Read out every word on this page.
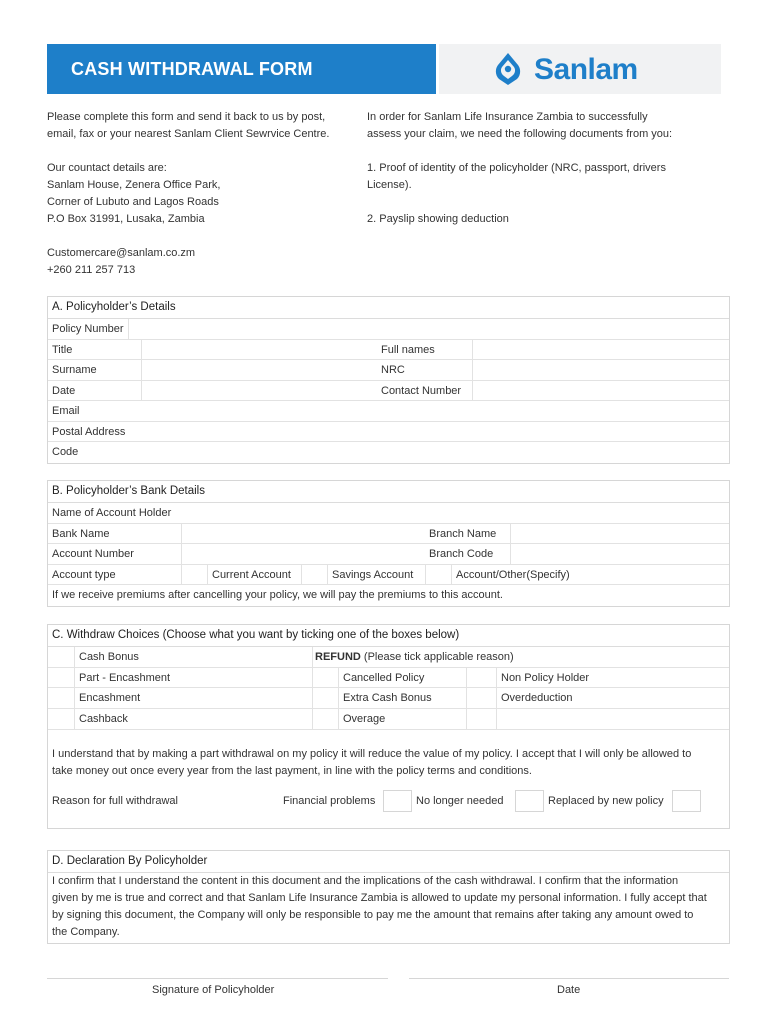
CASH WITHDRAWAL FORM	Sanlam
Please complete this form and send it back to us by post,
email, fax or your nearest Sanlam Client Sewrvice Centre.
Our countact details are:
Sanlam House, Zenera Office Park,
Corner of Lubuto and Lagos Roads
P.O Box 31991, Lusaka, Zambia
Customercare@sanlam.co.zm
+260 211 257 713
In order for Sanlam Life Insurance Zambia to successfully
assess your claim, we need the following documents from you:
1. Proof of identity of the policyholder (NRC, passport, drivers
License).
2. Payslip showing deduction
A. Policyholder’s Details
Policy Number
Title	Full names
Surname	NRC
Date	Contact Number
Email
Postal Address
Code
B. Policyholder’s Bank Details
Name of Account Holder
Bank Name	Branch Name
Account Number	Branch Code
Account type	Current Account	Savings Account	Account/Other(Specify)
If we receive premiums after cancelling your policy, we will pay the premiums to this account.
C. Withdraw Choices (Choose what you want by ticking one of the boxes below)
Cash Bonus	REFUND (Please tick applicable reason)
Part - Encashment	Cancelled Policy	Non Policy Holder
Encashment	Extra Cash Bonus	Overdeduction
Cashback	Overage
I understand that by making a part withdrawal on my policy it will reduce the value of my policy. I accept that I will only be allowed to
take money out once every year from the last payment, in line with the policy terms and conditions.
Reason for full withdrawal	Financial problems	No longer needed	Replaced by new policy
D. Declaration By Policyholder
I confirm that I understand the content in this document and the implications of the cash withdrawal. I confirm that the information
given by me is true and correct and that Sanlam Life Insurance Zambia is allowed to update my personal information. I fully accept that
by signing this document, the Company will only be responsible to pay me the amount that remains after taking any amount owed to
the Company.
Signature of Policyholder	Date
